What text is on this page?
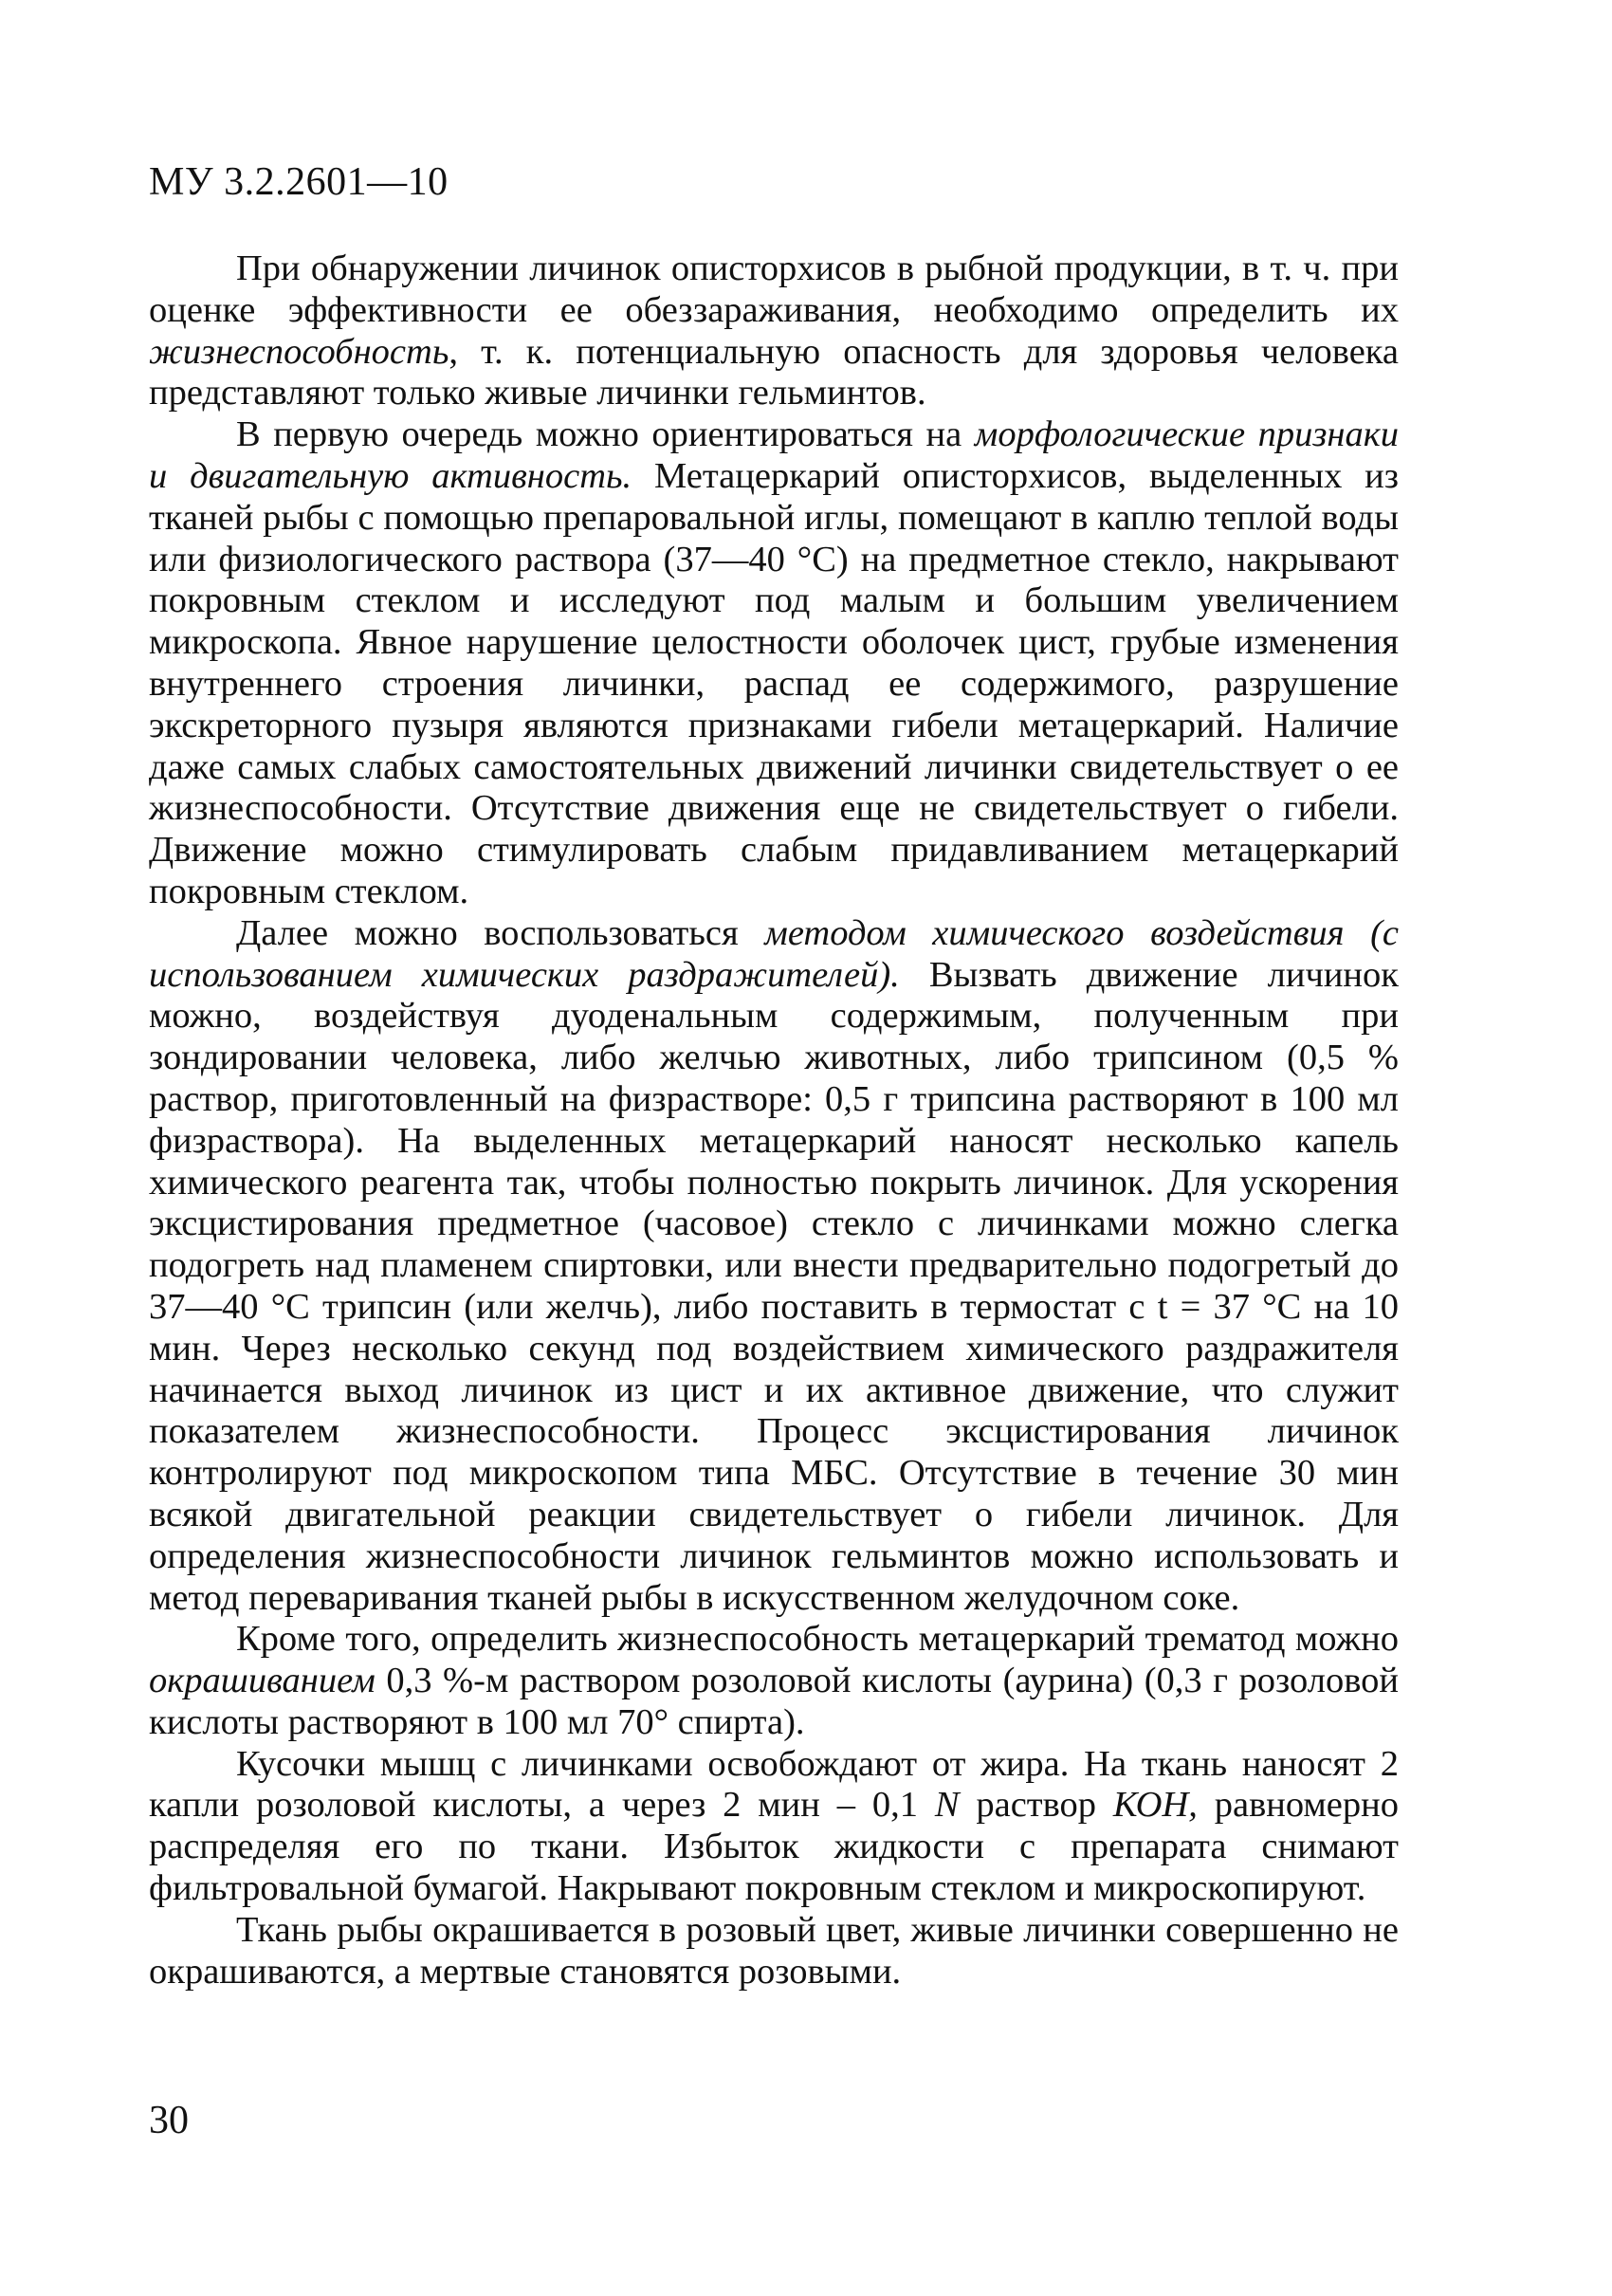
МУ 3.2.2601—10

При обнаружении личинок описторхисов в рыбной продукции, в т. ч. при оценке эффективности ее обеззараживания, необходимо определить их жизнеспособность, т. к. потенциальную опасность для здоровья человека представляют только живые личинки гельминтов.

В первую очередь можно ориентироваться на морфологические признаки и двигательную активность. Метацеркарий описторхисов, выделенных из тканей рыбы с помощью препаровальной иглы, помещают в каплю теплой воды или физиологического раствора (37—40 °С) на предметное стекло, накрывают покровным стеклом и исследуют под малым и большим увеличением микроскопа. Явное нарушение целостности оболочек цист, грубые изменения внутреннего строения личинки, распад ее содержимого, разрушение экскреторного пузыря являются признаками гибели метацеркарий. Наличие даже самых слабых самостоятельных движений личинки свидетельствует о ее жизнеспособности. Отсутствие движения еще не свидетельствует о гибели. Движение можно стимулировать слабым придавливанием метацеркарий покровным стеклом.

Далее можно воспользоваться методом химического воздействия (с использованием химических раздражителей). Вызвать движение личинок можно, воздействуя дуоденальным содержимым, полученным при зондировании человека, либо желчью животных, либо трипсином (0,5 % раствор, приготовленный на физрастворе: 0,5 г трипсина растворяют в 100 мл физраствора). На выделенных метацеркарий наносят несколько капель химического реагента так, чтобы полностью покрыть личинок. Для ускорения эксцистирования предметное (часовое) стекло с личинками можно слегка подогреть над пламенем спиртовки, или внести предварительно подогретый до 37—40 °С трипсин (или желчь), либо поставить в термостат с t = 37 °С на 10 мин. Через несколько секунд под воздействием химического раздражителя начинается выход личинок из цист и их активное движение, что служит показателем жизнеспособности. Процесс эксцистирования личинок контролируют под микроскопом типа МБС. Отсутствие в течение 30 мин всякой двигательной реакции свидетельствует о гибели личинок. Для определения жизнеспособности личинок гельминтов можно использовать и метод переваривания тканей рыбы в искусственном желудочном соке.

Кроме того, определить жизнеспособность метацеркарий трематод можно окрашиванием 0,3 %-м раствором розоловой кислоты (аурина) (0,3 г розоловой кислоты растворяют в 100 мл 70° спирта).

Кусочки мышц с личинками освобождают от жира. На ткань наносят 2 капли розоловой кислоты, а через 2 мин – 0,1 N раствор КОН, равномерно распределяя его по ткани. Избыток жидкости с препарата снимают фильтровальной бумагой. Накрывают покровным стеклом и микроскопируют.

Ткань рыбы окрашивается в розовый цвет, живые личинки совершенно не окрашиваются, а мертвые становятся розовыми.

30
